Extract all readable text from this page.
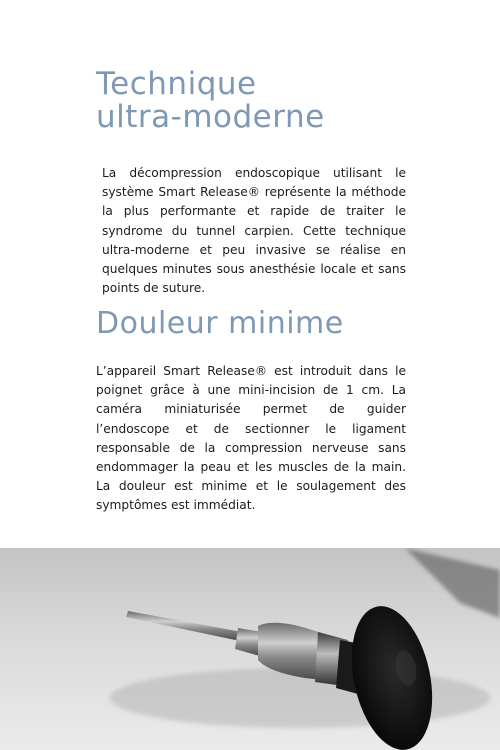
Technique
ultra-moderne

La décompression endoscopique utilisant le système Smart Release® représente la méthode la plus performante et rapide de traiter le syndrome du tunnel carpien. Cette technique ultra-moderne et peu invasive se réalise en quelques minutes sous anesthésie locale et sans points de suture.

Douleur minime

L’appareil Smart Release® est introduit dans le poignet grâce à une mini-incision de 1 cm. La caméra miniaturisée permet de guider l’endoscope et de sectionner le ligament responsable de la compression nerveuse sans endommager la peau et les muscles de la main. La douleur est minime et le soulagement des symptômes est immédiat.
